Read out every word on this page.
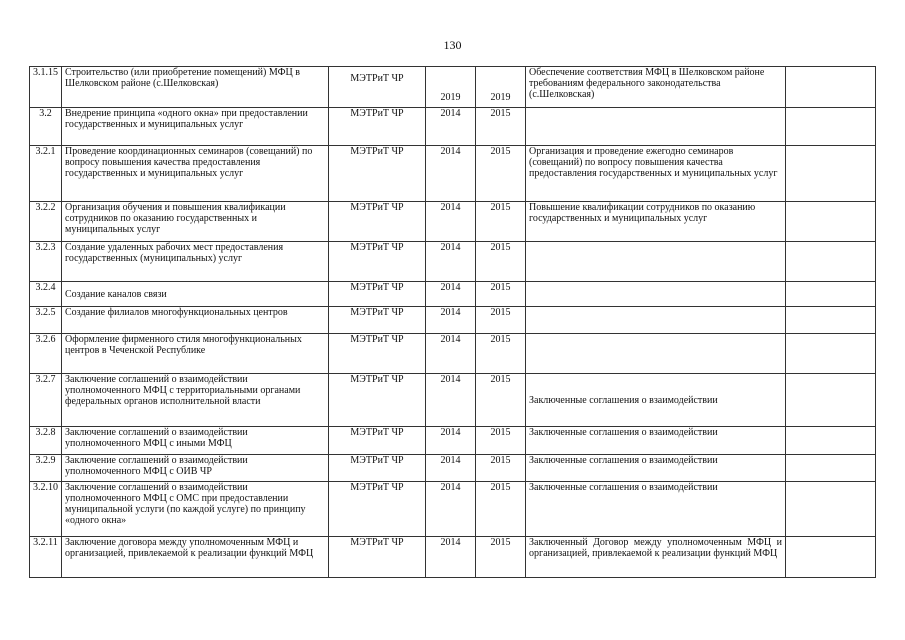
130
3.1.15	Строительство (или приобретение помещений) МФЦ в Шелковском районе (с.Шелковская)	МЭТРиТ ЧР	2019	2019	Обеспечение соответствия МФЦ в Шелковском районе требованиям федерального законодательства (с.Шелковская)	

3.2	Внедрение принципа «одного окна» при предоставлении государственных и муниципальных услуг	МЭТРиТ ЧР	2014	2015		

3.2.1	Проведение координационных семинаров (совещаний) по вопросу повышения качества предоставления государственных и муниципальных услуг	МЭТРиТ ЧР	2014	2015	Организация и проведение ежегодно семинаров (совещаний) по вопросу повышения качества предоставления государственных и муниципальных услуг	

3.2.2	Организация обучения и повышения квалификации сотрудников по оказанию государственных и муниципальных услуг	МЭТРиТ ЧР	2014	2015	Повышение квалификации сотрудников по оказанию государственных и муниципальных услуг	

3.2.3	Создание удаленных рабочих мест предоставления государственных (муниципальных) услуг	МЭТРиТ ЧР	2014	2015		

3.2.4	Создание каналов связи	МЭТРиТ ЧР	2014	2015		

3.2.5	Создание филиалов многофункциональных центров	МЭТРиТ ЧР	2014	2015		

3.2.6	Оформление фирменного стиля многофункциональных центров в Чеченской Республике	МЭТРиТ ЧР	2014	2015		

3.2.7	Заключение соглашений о взаимодействии уполномоченного МФЦ с территориальными органами федеральных органов исполнительной власти	МЭТРиТ ЧР	2014	2015	Заключенные соглашения о взаимодействии	

3.2.8	Заключение соглашений о взаимодействии уполномоченного МФЦ с иными МФЦ	МЭТРиТ ЧР	2014	2015	Заключенные соглашения о взаимодействии	

3.2.9	Заключение соглашений о взаимодействии уполномоченного МФЦ с ОИВ ЧР	МЭТРиТ ЧР	2014	2015	Заключенные соглашения о взаимодействии	

3.2.10	Заключение соглашений о взаимодействии уполномоченного МФЦ с ОМС при предоставлении муниципальной услуги (по каждой услуге) по принципу «одного окна»	МЭТРиТ ЧР	2014	2015	Заключенные соглашения о взаимодействии	

3.2.11	Заключение договора между уполномоченным МФЦ и организацией, привлекаемой к реализации функций МФЦ	МЭТРиТ ЧР	2014	2015	Заключенный Договор между уполномоченным МФЦ и организацией, привлекаемой к реализации функций МФЦ	
